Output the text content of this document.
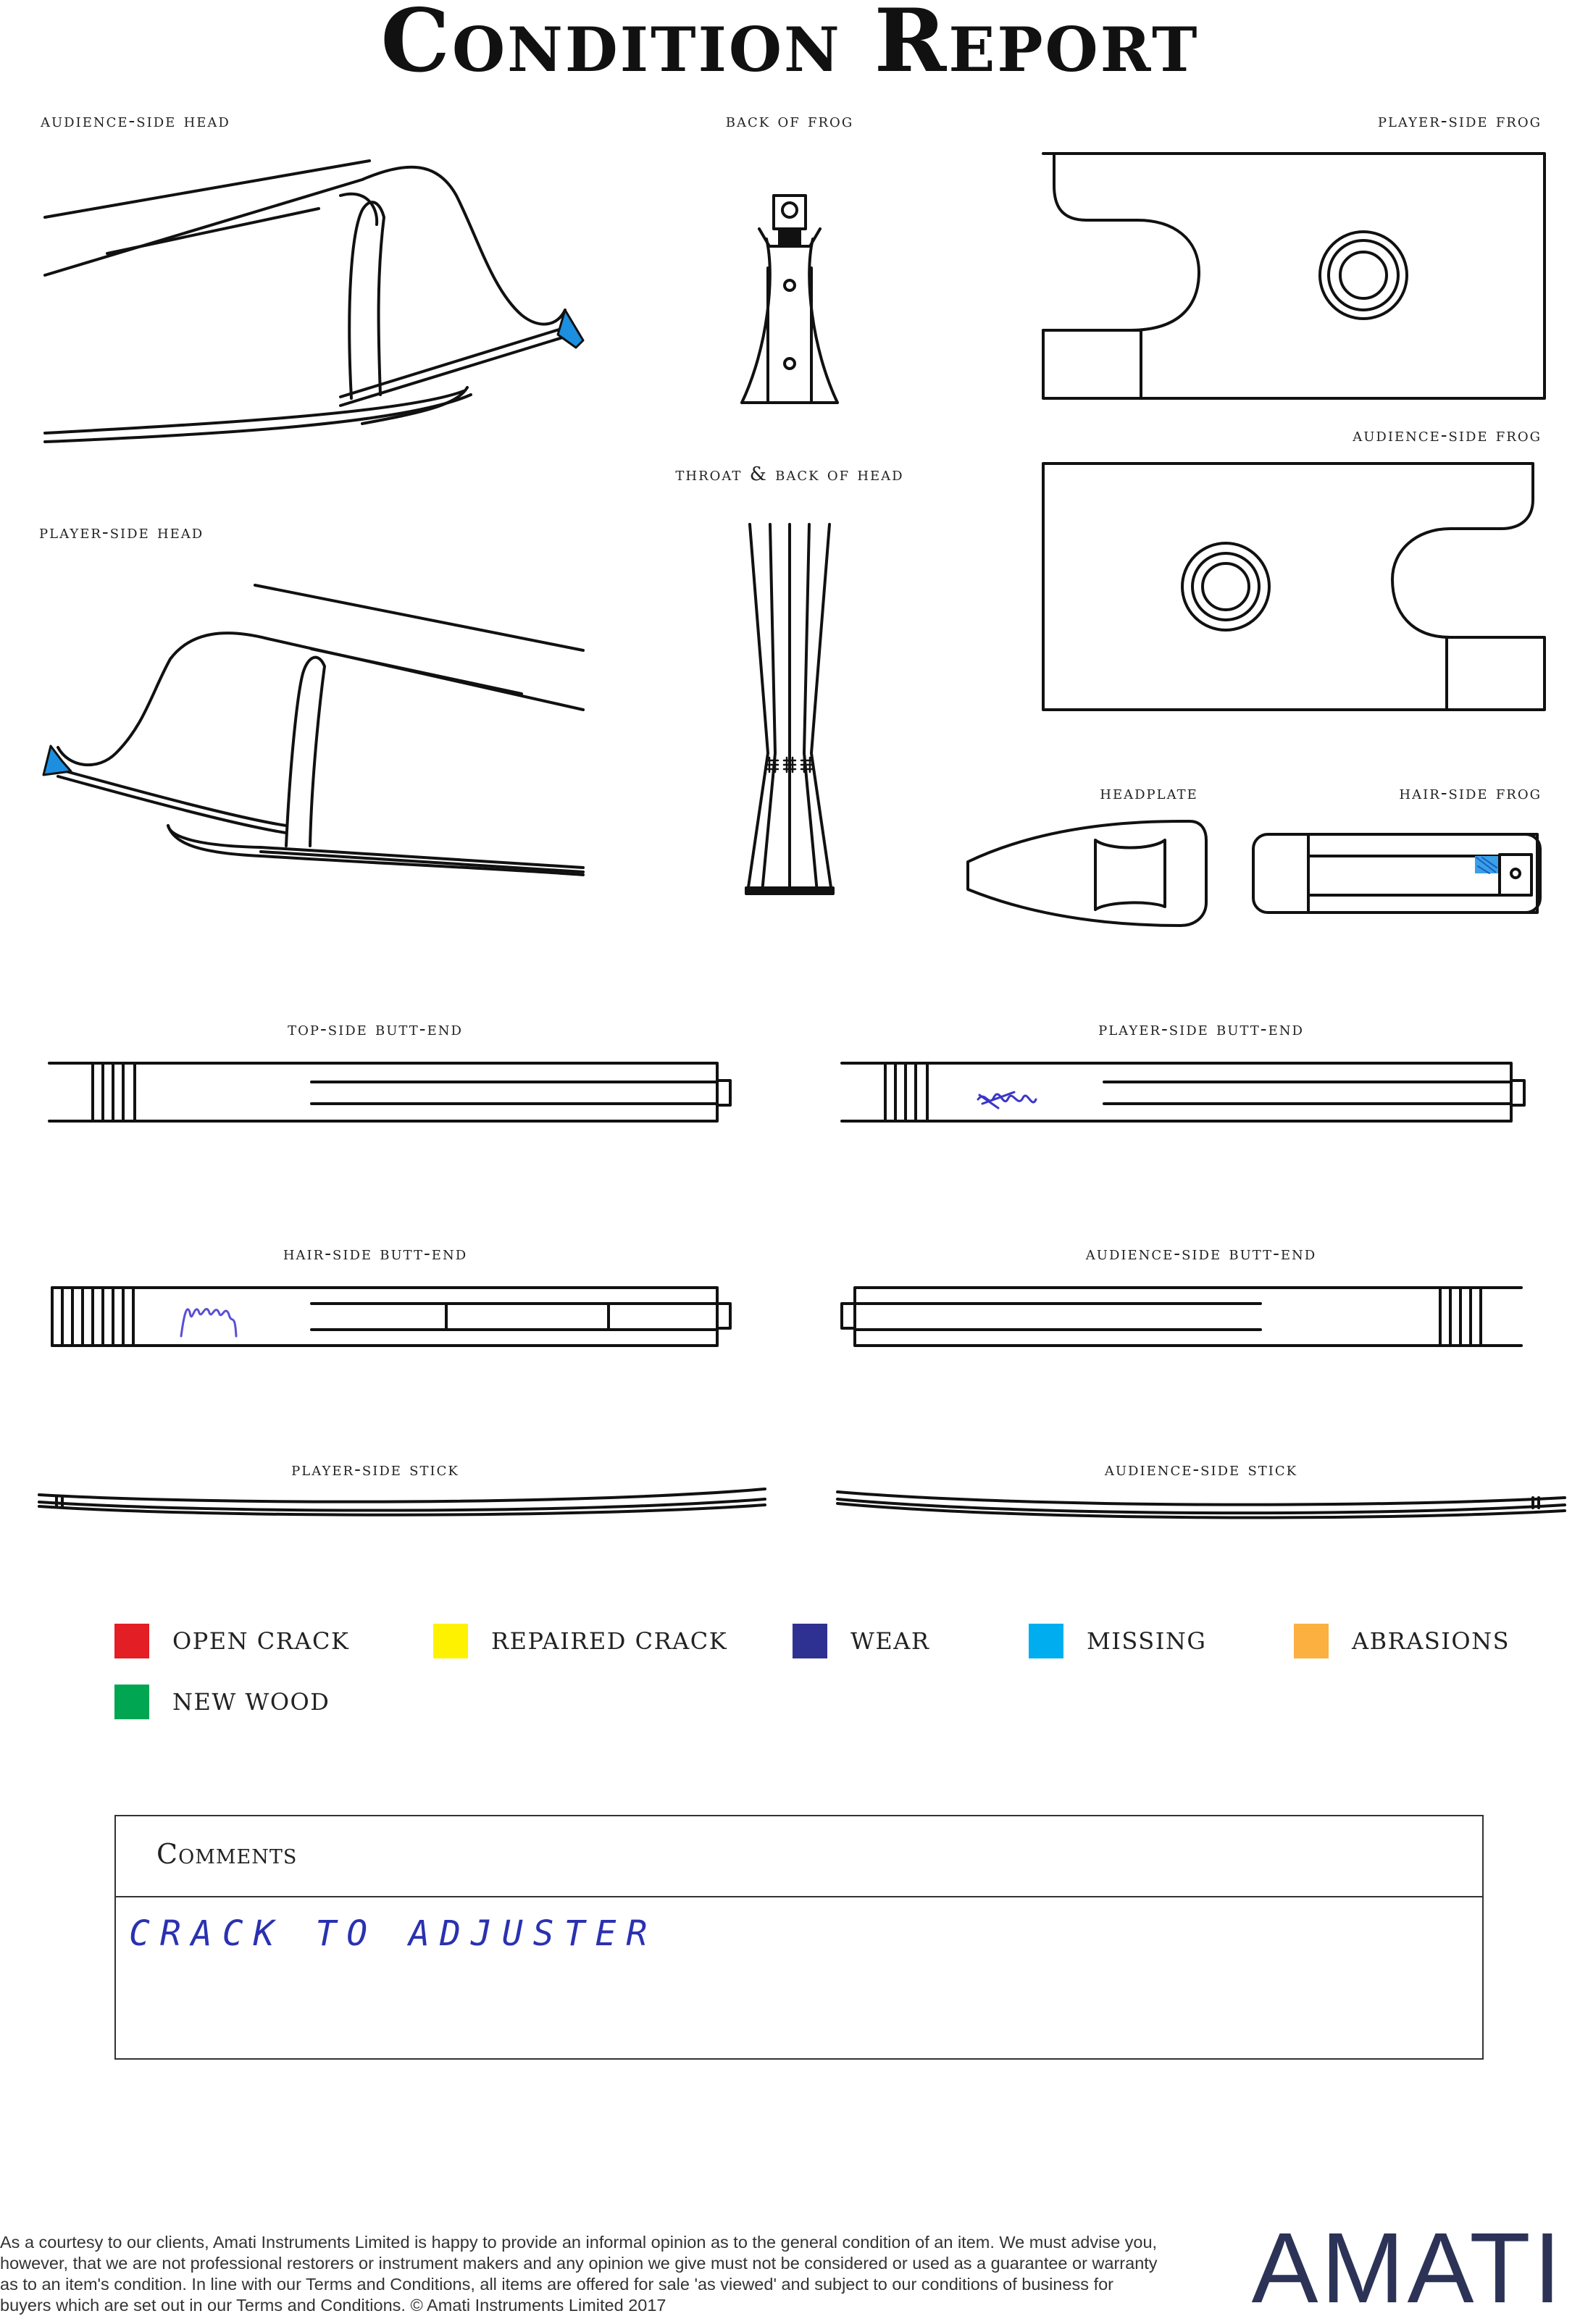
Condition Report
audience-side head	back of frog	player-side frog
throat & back of head
audience-side frog
player-side head
headplate	hair-side frog
top-side butt-end	player-side butt-end
hair-side butt-end	audience-side butt-end
player-side stick	audience-side stick
OPEN CRACK	REPAIRED CRACK	WEAR	MISSING	ABRASIONS
NEW WOOD
Comments
CRACK TO ADJUSTER

As a courtesy to our clients, Amati Instruments Limited is happy to provide an informal opinion as to the general condition of an item. We must advise you, however, that we are not professional restorers or instrument makers and any opinion we give must not be considered or used as a guarantee or warranty as to an item's condition. In line with our Terms and Conditions, all items are offered for sale 'as viewed' and subject to our conditions of business for buyers which are set out in our Terms and Conditions. © Amati Instruments Limited 2017	AMATI
